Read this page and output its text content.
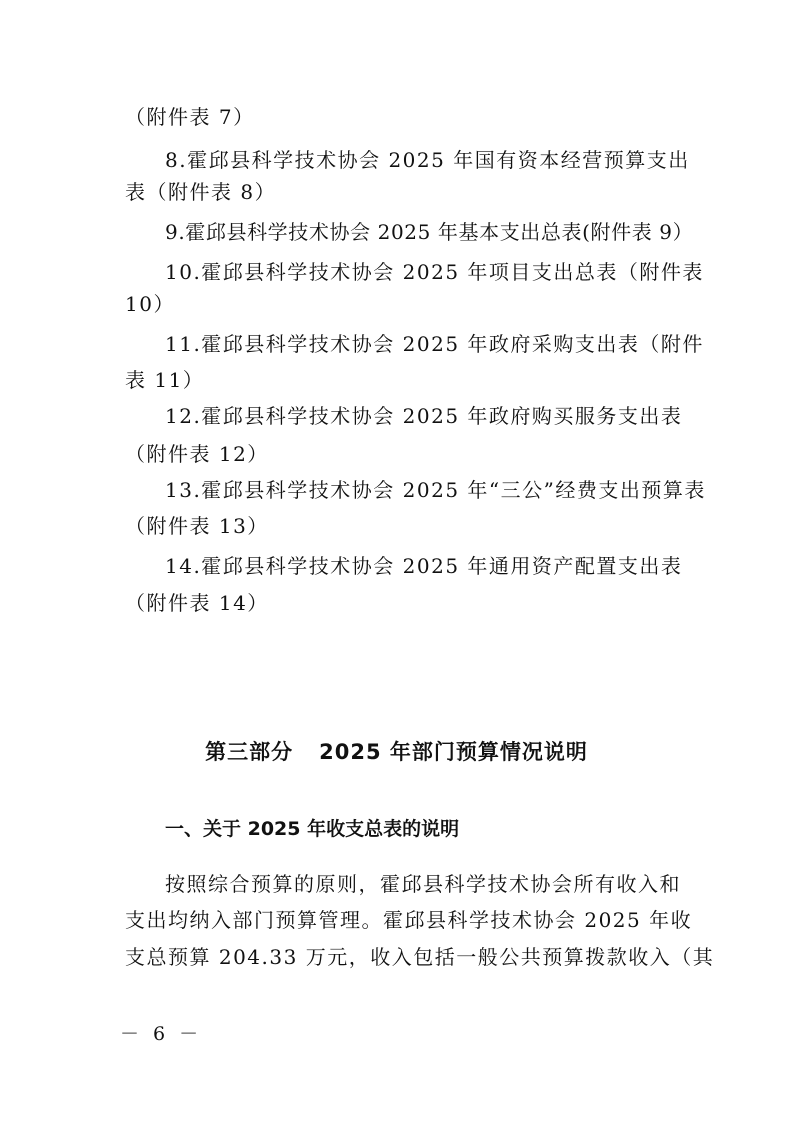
（附件表 7）
8.霍邱县科学技术协会 2025 年国有资本经营预算支出
表（附件表 8）
9.霍邱县科学技术协会 2025 年基本支出总表(附件表 9）
10.霍邱县科学技术协会 2025 年项目支出总表（附件表
10）
11.霍邱县科学技术协会 2025 年政府采购支出表（附件
表 11）
12.霍邱县科学技术协会 2025 年政府购买服务支出表
（附件表 12）
13.霍邱县科学技术协会 2025 年“三公”经费支出预算表
（附件表 13）
14.霍邱县科学技术协会 2025 年通用资产配置支出表
（附件表 14）
第三部分 2025 年部门预算情况说明
一、关于 2025 年收支总表的说明
按照综合预算的原则，霍邱县科学技术协会所有收入和
支出均纳入部门预算管理。霍邱县科学技术协会 2025 年收
支总预算 204.33 万元，收入包括一般公共预算拨款收入（其
－ 6 －
